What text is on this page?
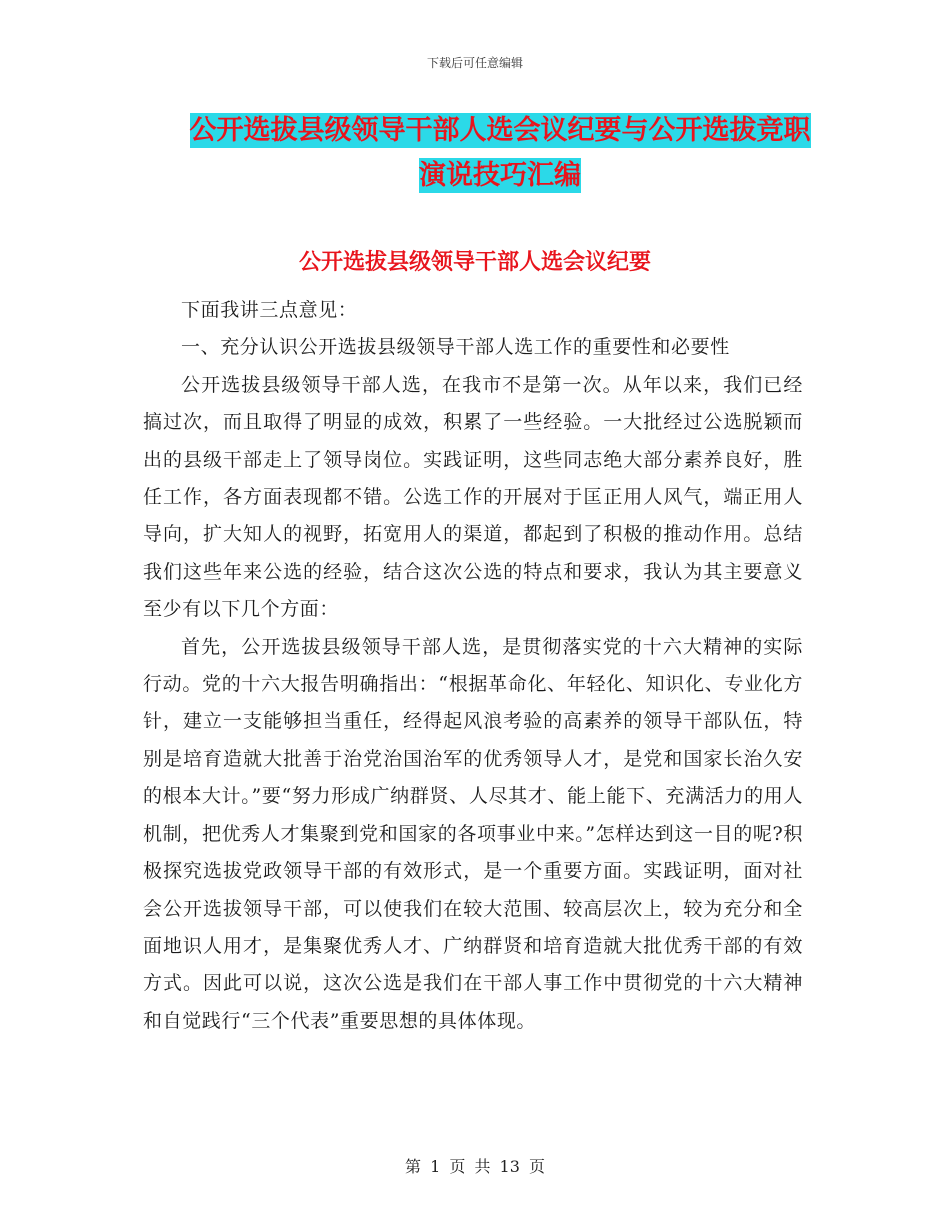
下载后可任意编辑
公开选拔县级领导干部人选会议纪要与公开选拔竞职
演说技巧汇编
公开选拔县级领导干部人选会议纪要

下面我讲三点意见：

一、充分认识公开选拔县级领导干部人选工作的重要性和必要性

公开选拔县级领导干部人选，在我市不是第一次。从年以来，我们已经搞过次，而且取得了明显的成效，积累了一些经验。一大批经过公选脱颖而出的县级干部走上了领导岗位。实践证明，这些同志绝大部分素养良好，胜任工作，各方面表现都不错。公选工作的开展对于匡正用人风气，端正用人导向，扩大知人的视野，拓宽用人的渠道，都起到了积极的推动作用。总结我们这些年来公选的经验，结合这次公选的特点和要求，我认为其主要意义至少有以下几个方面：

首先，公开选拔县级领导干部人选，是贯彻落实党的十六大精神的实际行动。党的十六大报告明确指出：“根据革命化、年轻化、知识化、专业化方针，建立一支能够担当重任，经得起风浪考验的高素养的领导干部队伍，特别是培育造就大批善于治党治国治军的优秀领导人才，是党和国家长治久安的根本大计。”要“努力形成广纳群贤、人尽其才、能上能下、充满活力的用人机制，把优秀人才集聚到党和国家的各项事业中来。”怎样达到这一目的呢?积极探究选拔党政领导干部的有效形式，是一个重要方面。实践证明，面对社会公开选拔领导干部，可以使我们在较大范围、较高层次上，较为充分和全面地识人用才，是集聚优秀人才、广纳群贤和培育造就大批优秀干部的有效方式。因此可以说，这次公选是我们在干部人事工作中贯彻党的十六大精神和自觉践行“三个代表”重要思想的具体体现。

第 1 页 共 13 页
